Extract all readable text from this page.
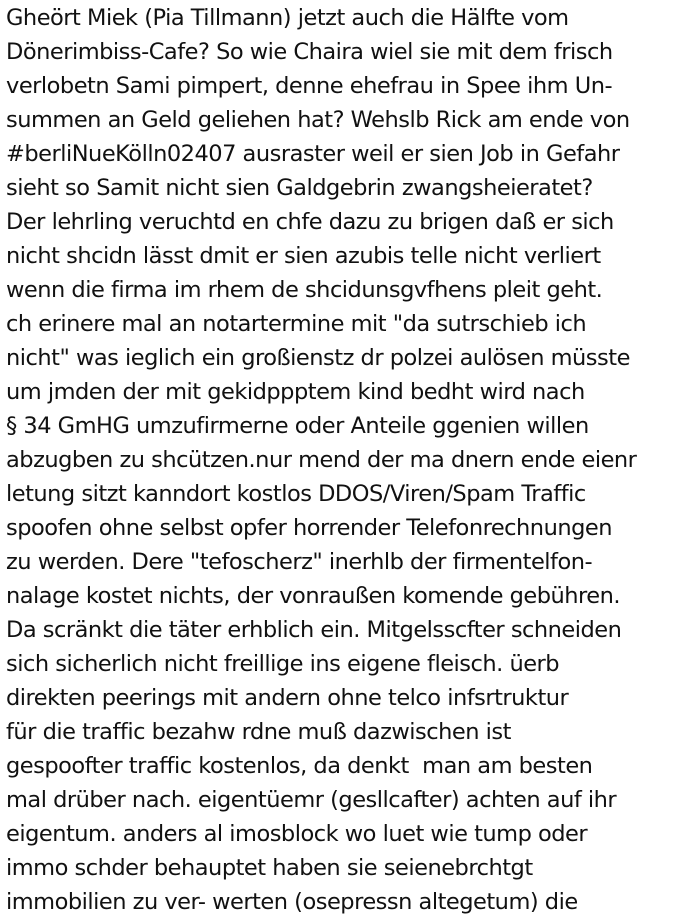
Gheört Miek (Pia Tillmann) jetzt auch die Hälfte vom
Dönerimbiss-Cafe? So wie Chaira wiel sie mit dem frisch
verlobetn Sami pimpert, denne ehefrau in Spee ihm Un-
summen an Geld geliehen hat? Wehslb Rick am ende von
#berliNueKölln02407 ausraster weil er sien Job in Gefahr
sieht so Samit nicht sien Galdgebrin zwangsheieratet?
Der lehrling veruchtd en chfe dazu zu brigen daß er sich
nicht shcidn lässt dmit er sien azubis telle nicht verliert
wenn die firma im rhem de shcidunsgvfhens pleit geht.
ch erinere mal an notartermine mit "da sutrschieb ich
nicht" was ieglich ein großienstz dr polzei aulösen müsste
um jmden der mit gekidppptem kind bedht wird nach
§ 34 GmHG umzufirmerne oder Anteile ggenien willen
abzugben zu shcützen.nur mend der ma dnern ende eienr
letung sitzt kanndort kostlos DDOS/Viren/Spam Traffic
spoofen ohne selbst opfer horrender Telefonrechnungen
zu werden. Dere "tefoscherz" inerhlb der firmentelfon-
nalage kostet nichts, der vonraußen komende gebühren.
Da scränkt die täter erhblich ein. Mitgelsscfter schneiden
sich sicherlich nicht freillige ins eigene fleisch. üerb
direkten peerings mit andern ohne telco infsrtruktur
für die traffic bezahw rdne muß dazwischen ist
gespoofter traffic kostenlos, da denkt  man am besten
mal drüber nach. eigentüemr (gesllcafter) achten auf ihr
eigentum. anders al imosblock wo luet wie tump oder
immo schder behauptet haben sie seienebrchtgt
immobilien zu ver- werten (osepressn altegetum) die
